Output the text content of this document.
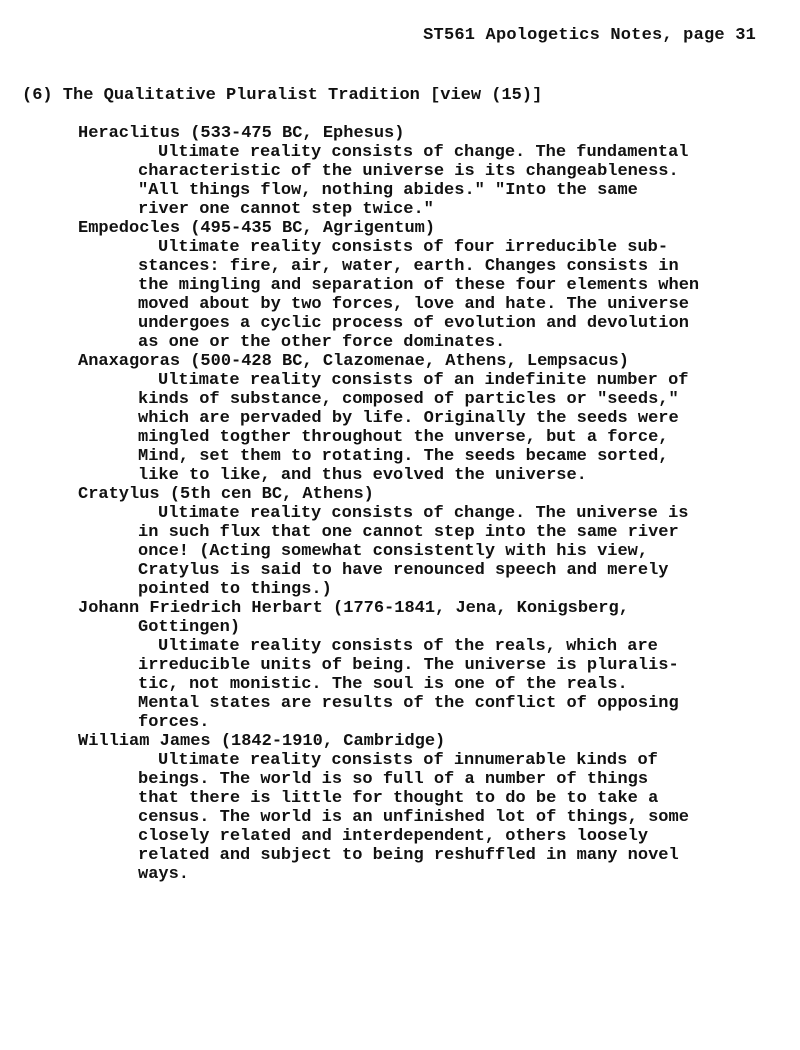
ST561 Apologetics Notes, page 31
(6) The Qualitative Pluralist Tradition [view (15)]
Heraclitus (533-475 BC, Ephesus)
Ultimate reality consists of change. The fundamental
characteristic of the universe is its changeableness.
"All things flow, nothing abides." "Into the same
river one cannot step twice."
Empedocles (495-435 BC, Agrigentum)
Ultimate reality consists of four irreducible sub-
stances: fire, air, water, earth. Changes consists in
the mingling and separation of these four elements when
moved about by two forces, love and hate. The universe
undergoes a cyclic process of evolution and devolution
as one or the other force dominates.
Anaxagoras (500-428 BC, Clazomenae, Athens, Lempsacus)
Ultimate reality consists of an indefinite number of
kinds of substance, composed of particles or "seeds,"
which are pervaded by life. Originally the seeds were
mingled togther throughout the unverse, but a force,
Mind, set them to rotating. The seeds became sorted,
like to like, and thus evolved the universe.
Cratylus (5th cen BC, Athens)
Ultimate reality consists of change. The universe is
in such flux that one cannot step into the same river
once! (Acting somewhat consistently with his view,
Cratylus is said to have renounced speech and merely
pointed to things.)
Johann Friedrich Herbart (1776-1841, Jena, Konigsberg,
Gottingen)
Ultimate reality consists of the reals, which are
irreducible units of being. The universe is pluralis-
tic, not monistic. The soul is one of the reals.
Mental states are results of the conflict of opposing
forces.
William James (1842-1910, Cambridge)
Ultimate reality consists of innumerable kinds of
beings. The world is so full of a number of things
that there is little for thought to do be to take a
census. The world is an unfinished lot of things, some
closely related and interdependent, others loosely
related and subject to being reshuffled in many novel
ways.
